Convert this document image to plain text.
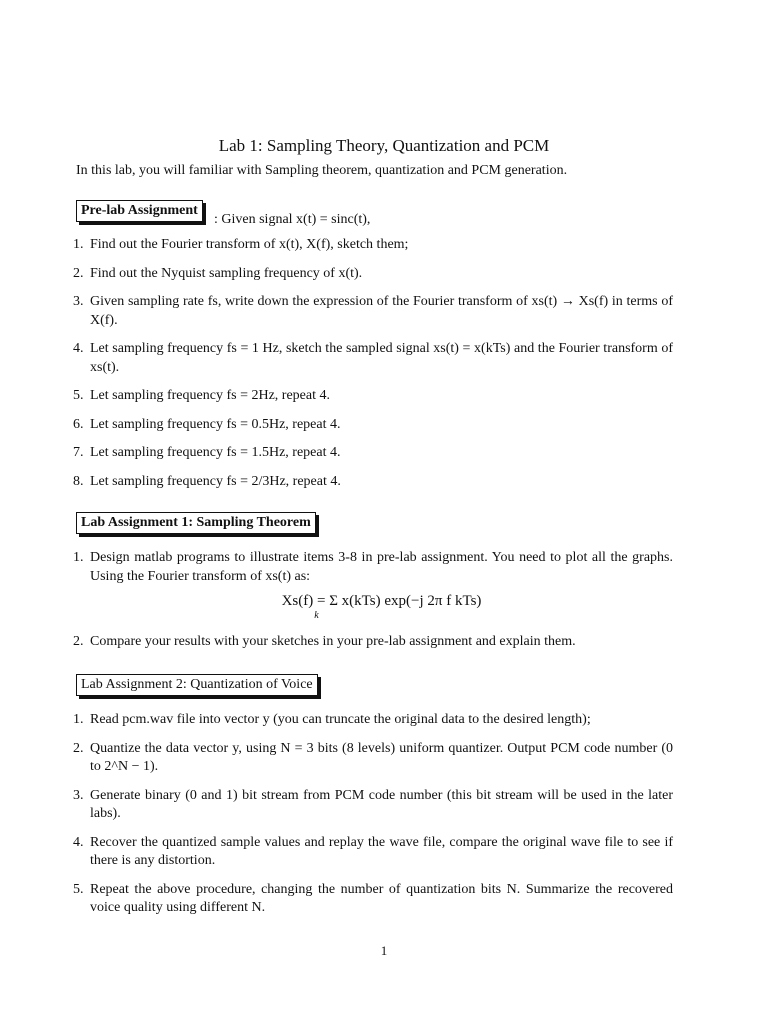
Lab 1: Sampling Theory, Quantization and PCM
In this lab, you will familiar with Sampling theorem, quantization and PCM generation.
Pre-lab Assignment
: Given signal x(t) = sinc(t),
1. Find out the Fourier transform of x(t), X(f), sketch them;
2. Find out the Nyquist sampling frequency of x(t).
3. Given sampling rate fs, write down the expression of the Fourier transform of xs(t) → Xs(f) in terms of X(f).
4. Let sampling frequency fs = 1 Hz, sketch the sampled signal xs(t) = x(kTs) and the Fourier transform of xs(t).
5. Let sampling frequency fs = 2Hz, repeat 4.
6. Let sampling frequency fs = 0.5Hz, repeat 4.
7. Let sampling frequency fs = 1.5Hz, repeat 4.
8. Let sampling frequency fs = 2/3Hz, repeat 4.
Lab Assignment 1: Sampling Theorem
1. Design matlab programs to illustrate items 3-8 in pre-lab assignment. You need to plot all the graphs. Using the Fourier transform of xs(t) as:
Xs(f) = Σ x(kTs) exp(−j 2π f kTs)
k
2. Compare your results with your sketches in your pre-lab assignment and explain them.
Lab Assignment 2: Quantization of Voice
1. Read pcm.wav file into vector y (you can truncate the original data to the desired length);
2. Quantize the data vector y, using N = 3 bits (8 levels) uniform quantizer. Output PCM code number (0 to 2^N − 1).
3. Generate binary (0 and 1) bit stream from PCM code number (this bit stream will be used in the later labs).
4. Recover the quantized sample values and replay the wave file, compare the original wave file to see if there is any distortion.
5. Repeat the above procedure, changing the number of quantization bits N. Summarize the recovered voice quality using different N.
1
